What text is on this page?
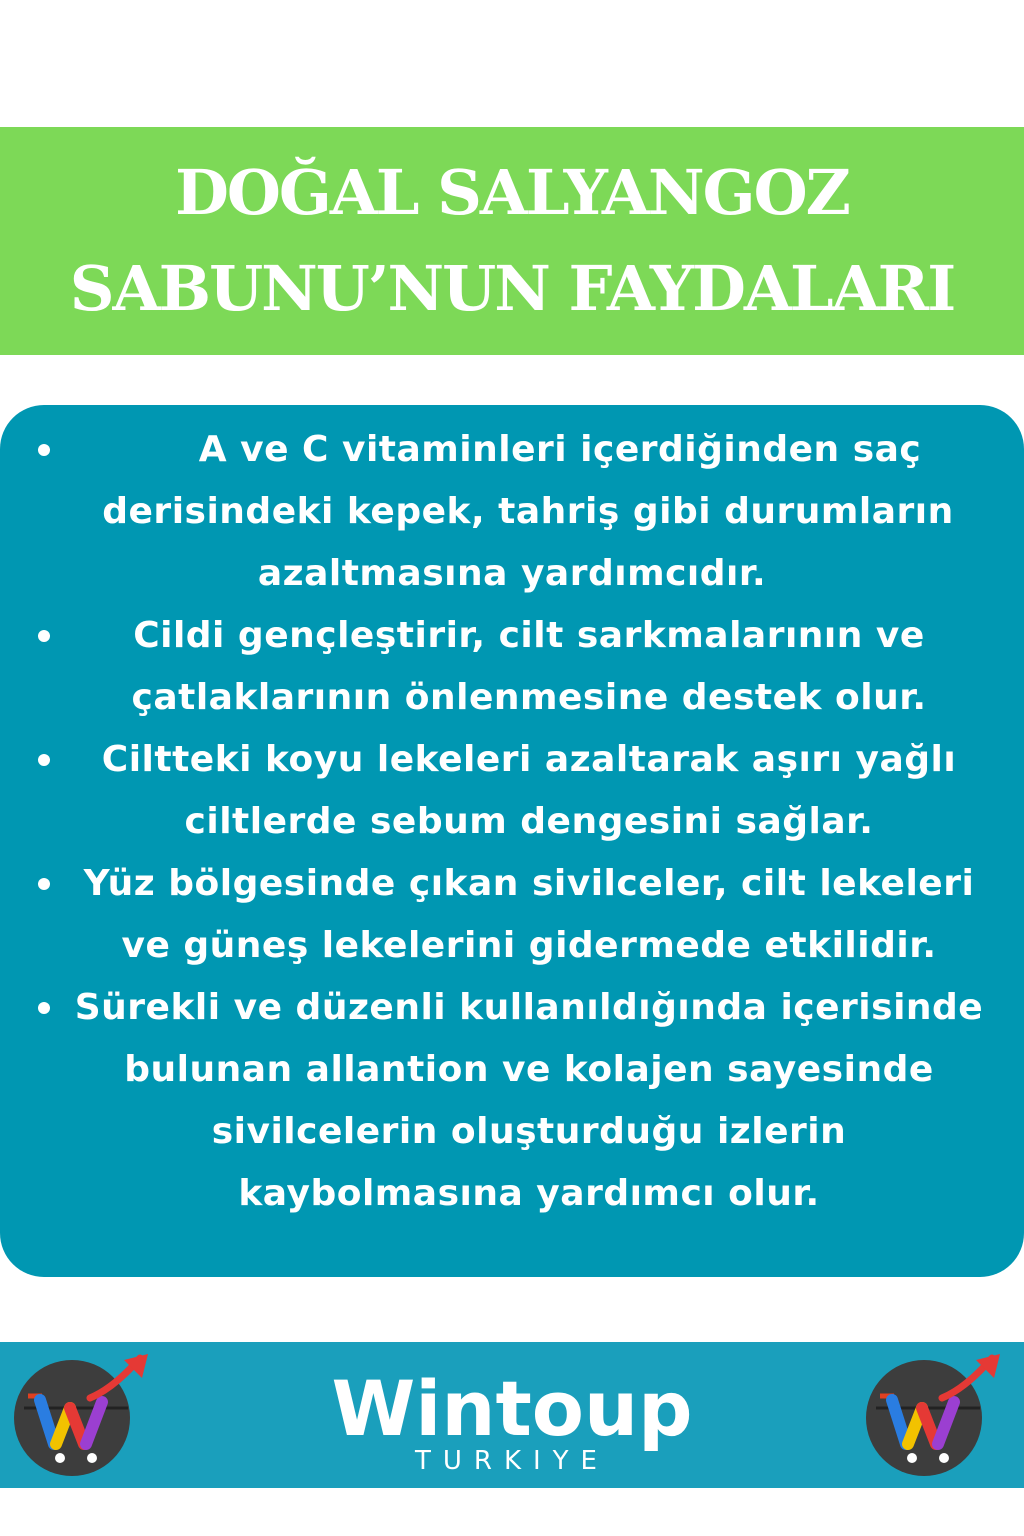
DOĞAL SALYANGOZ
SABUNU’NUN FAYDALARI
A ve C vitaminleri içerdiğinden saç
derisindeki kepek, tahriş gibi durumların
azaltmasına yardımcıdır.
Cildi gençleştirir, cilt sarkmalarının ve
çatlaklarının önlenmesine destek olur.
Ciltteki koyu lekeleri azaltarak aşırı yağlı
ciltlerde sebum dengesini sağlar.
Yüz bölgesinde çıkan sivilceler, cilt lekeleri
ve güneş lekelerini gidermede etkilidir.
Sürekli ve düzenli kullanıldığında içerisinde
bulunan allantion ve kolajen sayesinde
sivilcelerin oluşturduğu izlerin
kaybolmasına yardımcı olur.
Wintoup
TURKIYE
